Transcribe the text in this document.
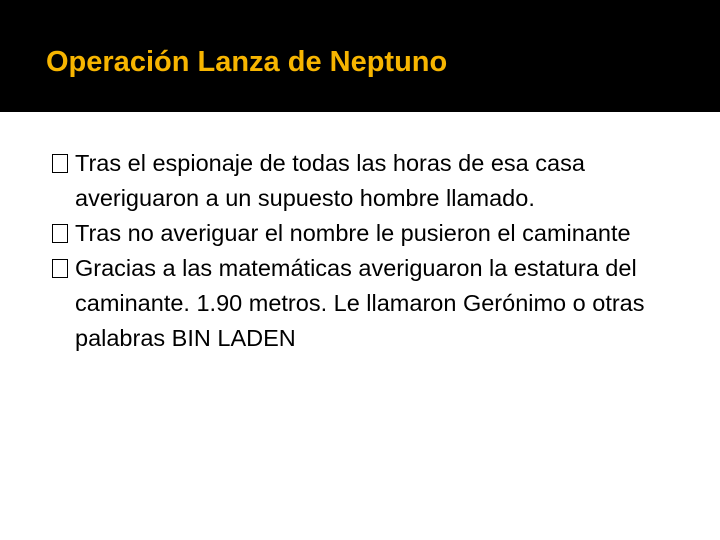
Operación Lanza de Neptuno
Tras el espionaje de todas las horas de esa casa averiguaron a un supuesto hombre llamado.
Tras no averiguar el nombre le pusieron el caminante
Gracias a las matemáticas averiguaron la estatura del caminante. 1.90 metros. Le llamaron Gerónimo o otras palabras BIN LADEN
